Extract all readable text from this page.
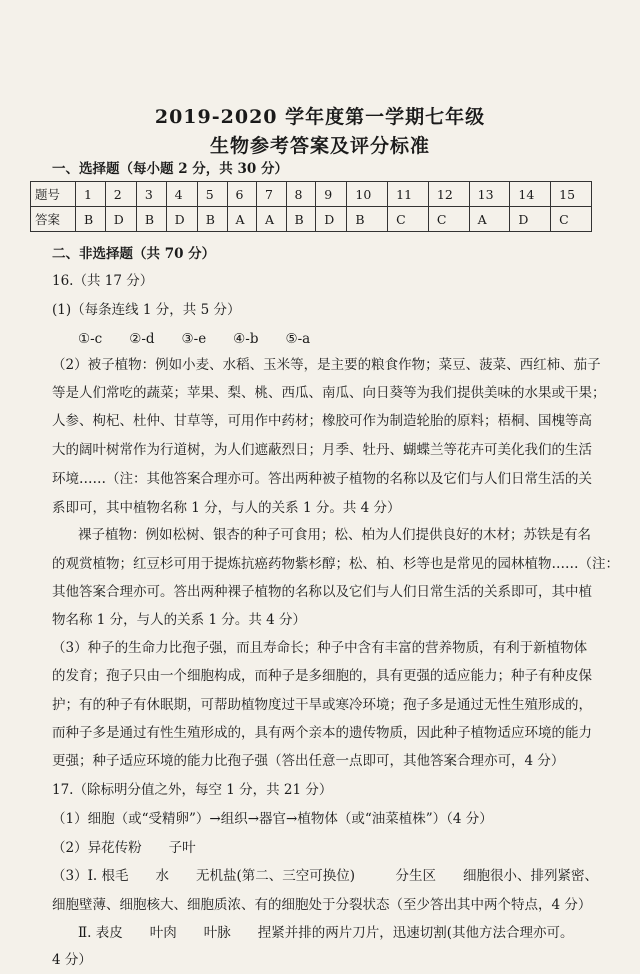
2019-2020 学年度第一学期七年级
生物参考答案及评分标准
一、选择题（每小题 2 分，共 30 分）
题号	1	2	3	4	5	6	7	8	9	10	11	12	13	14	15
答案	B	D	B	D	B	A	A	B	D	B	C	C	A	D	C
二、非选择题（共 70 分）
16.（共 17 分）
(1)（每条连线 1 分，共 5 分）
①-c　　②-d　　③-e　　④-b　　⑤-a
（2）被子植物：例如小麦、水稻、玉米等，是主要的粮食作物；菜豆、菠菜、西红柿、茄子
等是人们常吃的蔬菜；苹果、梨、桃、西瓜、南瓜、向日葵等为我们提供美味的水果或干果；
人参、枸杞、杜仲、甘草等，可用作中药材；橡胶可作为制造轮胎的原料；梧桐、国槐等高
大的阔叶树常作为行道树，为人们遮蔽烈日；月季、牡丹、蝴蝶兰等花卉可美化我们的生活
环境……（注：其他答案合理亦可。答出两种被子植物的名称以及它们与人们日常生活的关
系即可，其中植物名称 1 分，与人的关系 1 分。共 4 分）
裸子植物：例如松树、银杏的种子可食用；松、柏为人们提供良好的木材；苏铁是有名
的观赏植物；红豆杉可用于提炼抗癌药物紫杉醇；松、柏、杉等也是常见的园林植物……（注：
其他答案合理亦可。答出两种裸子植物的名称以及它们与人们日常生活的关系即可，其中植
物名称 1 分，与人的关系 1 分。共 4 分）
（3）种子的生命力比孢子强，而且寿命长；种子中含有丰富的营养物质，有利于新植物体
的发育；孢子只由一个细胞构成，而种子是多细胞的，具有更强的适应能力；种子有种皮保
护；有的种子有休眠期，可帮助植物度过干旱或寒冷环境；孢子多是通过无性生殖形成的，
而种子多是通过有性生殖形成的，具有两个亲本的遗传物质，因此种子植物适应环境的能力
更强；种子适应环境的能力比孢子强（答出任意一点即可，其他答案合理亦可，4 分）
17.（除标明分值之外，每空 1 分，共 21 分）
（1）细胞（或“受精卵”）→组织→器官→植物体（或“油菜植株”）（4 分）
（2）异花传粉　　子叶
（3）Ⅰ. 根毛　　水　　无机盐(第二、三空可换位)　　　分生区　　细胞很小、排列紧密、
细胞壁薄、细胞核大、细胞质浓、有的细胞处于分裂状态（至少答出其中两个特点，4 分）
Ⅱ. 表皮　　叶肉　　叶脉　　捏紧并排的两片刀片，迅速切割(其他方法合理亦可。
4 分）
